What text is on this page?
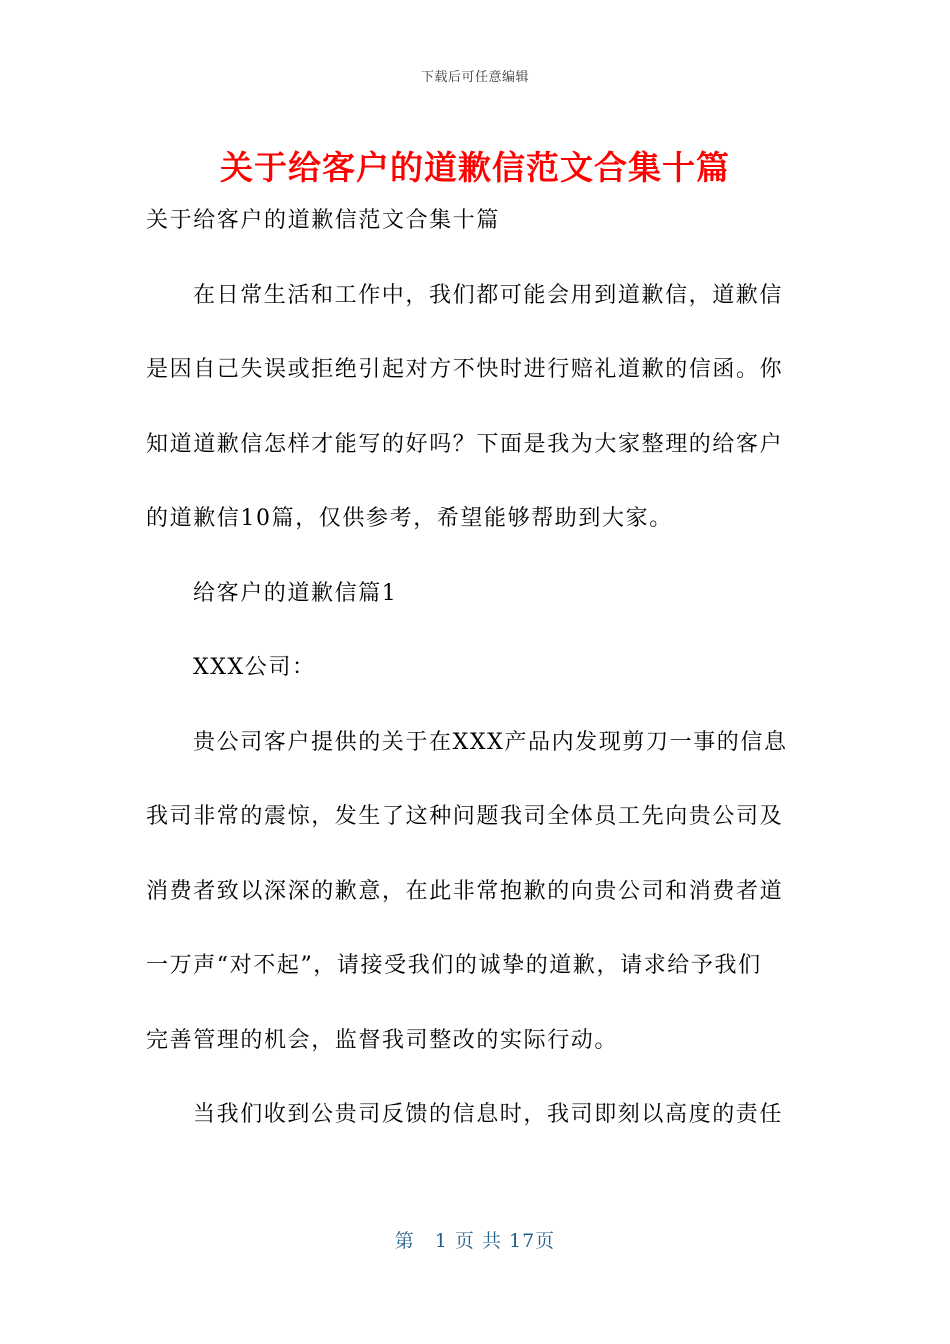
下载后可任意编辑
关于给客户的道歉信范文合集十篇
关于给客户的道歉信范文合集十篇
在日常生活和工作中，我们都可能会用到道歉信，道歉信
是因自己失误或拒绝引起对方不快时进行赔礼道歉的信函。你
知道道歉信怎样才能写的好吗？下面是我为大家整理的给客户
的道歉信10篇，仅供参考，希望能够帮助到大家。
给客户的道歉信篇1
XXX公司：
贵公司客户提供的关于在XXX产品内发现剪刀一事的信息
我司非常的震惊，发生了这种问题我司全体员工先向贵公司及
消费者致以深深的歉意，在此非常抱歉的向贵公司和消费者道
一万声“对不起”，请接受我们的诚挚的道歉，请求给予我们
完善管理的机会，监督我司整改的实际行动。
当我们收到公贵司反馈的信息时，我司即刻以高度的责任
第　1 页 共 17页
